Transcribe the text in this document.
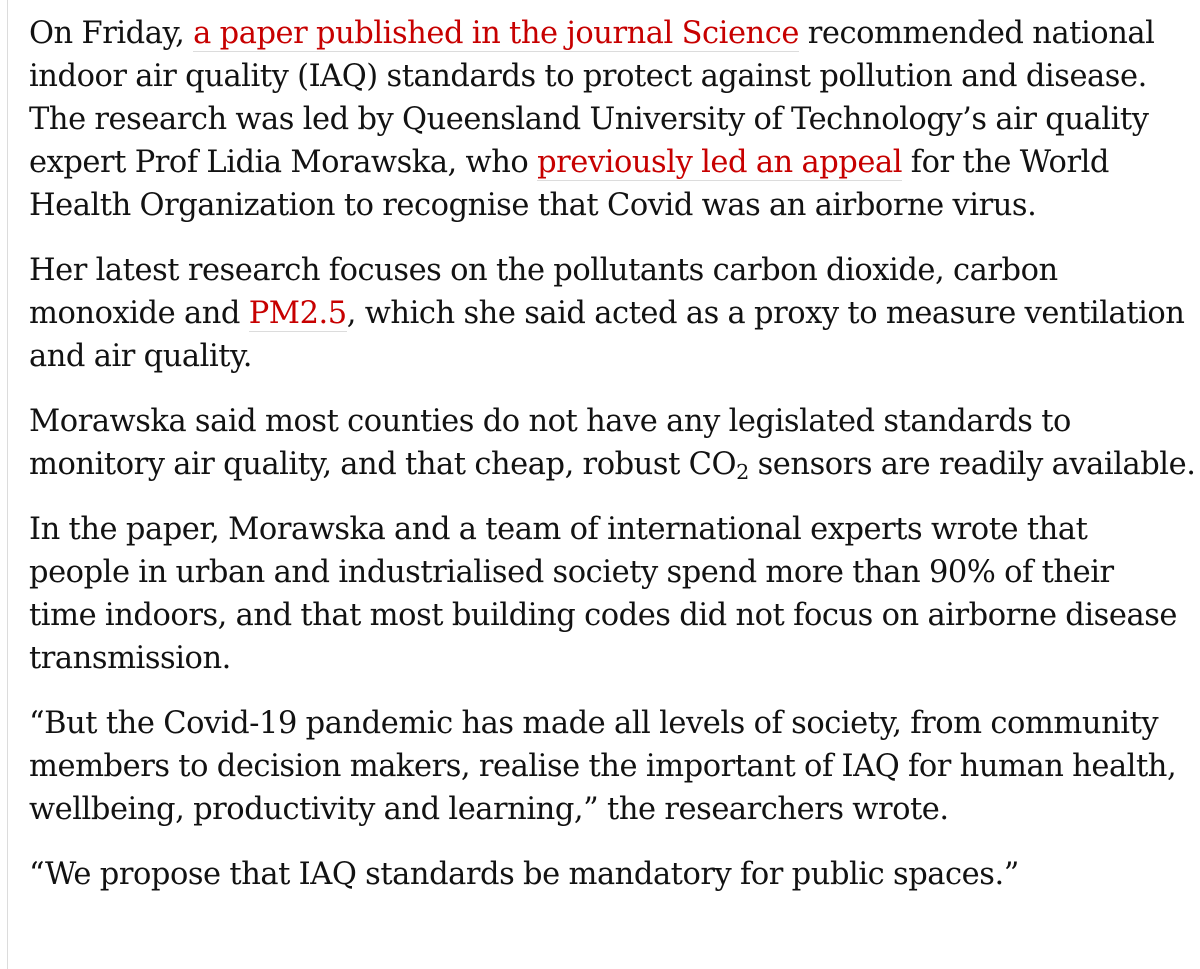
On Friday, a paper published in the journal Science recommended national
indoor air quality (IAQ) standards to protect against pollution and disease.
The research was led by Queensland University of Technology’s air quality
expert Prof Lidia Morawska, who previously led an appeal for the World
Health Organization to recognise that Covid was an airborne virus.

Her latest research focuses on the pollutants carbon dioxide, carbon
monoxide and PM2.5, which she said acted as a proxy to measure ventilation
and air quality.

Morawska said most counties do not have any legislated standards to
monitory air quality, and that cheap, robust $CO_2$ sensors are readily available.

In the paper, Morawska and a team of international experts wrote that
people in urban and industrialised society spend more than 90% of their
time indoors, and that most building codes did not focus on airborne disease
transmission.

“But the Covid-19 pandemic has made all levels of society, from community
members to decision makers, realise the important of IAQ for human health,
wellbeing, productivity and learning,” the researchers wrote.

“We propose that IAQ standards be mandatory for public spaces.”
